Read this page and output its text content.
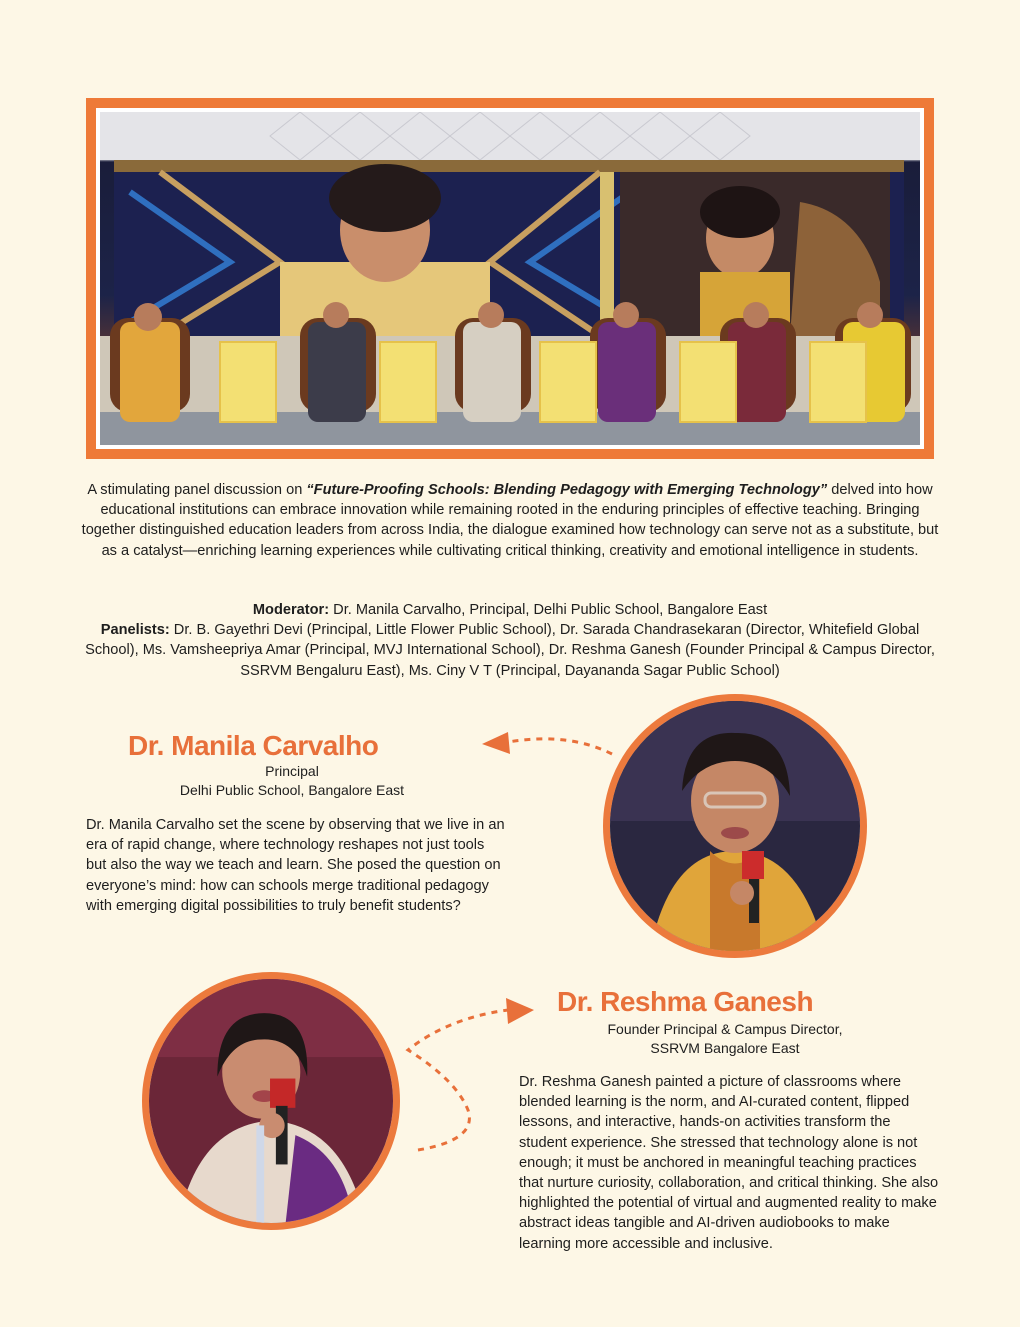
A stimulating panel discussion on “Future-Proofing Schools: Blending Pedagogy with Emerging Technology” delved into how educational institutions can embrace innovation while remaining rooted in the enduring principles of effective teaching. Bringing together distinguished education leaders from across India, the dialogue examined how technology can serve not as a substitute, but as a catalyst—enriching learning experiences while cultivating critical thinking, creativity and emotional intelligence in students.

Moderator: Dr. Manila Carvalho, Principal, Delhi Public School, Bangalore East
Panelists: Dr. B. Gayethri Devi (Principal, Little Flower Public School), Dr. Sarada Chandrasekaran (Director, Whitefield Global School), Ms. Vamsheepriya Amar (Principal, MVJ International School), Dr. Reshma Ganesh (Founder Principal & Campus Director, SSRVM Bengaluru East), Ms. Ciny V T (Principal, Dayananda Sagar Public School)
Dr. Manila Carvalho
Principal
Delhi Public School, Bangalore East

Dr. Manila Carvalho set the scene by observing that we live in an era of rapid change, where technology reshapes not just tools but also the way we teach and learn. She posed the question on everyone’s mind: how can schools merge traditional pedagogy with emerging digital possibilities to truly benefit students?

Dr. Reshma Ganesh
Founder Principal & Campus Director,
SSRVM Bangalore East

Dr. Reshma Ganesh painted a picture of classrooms where blended learning is the norm, and AI-curated content, flipped lessons, and interactive, hands-on activities transform the student experience. She stressed that technology alone is not enough; it must be anchored in meaningful teaching practices that nurture curiosity, collaboration, and critical thinking. She also highlighted the potential of virtual and augmented reality to make abstract ideas tangible and AI-driven audiobooks to make learning more accessible and inclusive.
